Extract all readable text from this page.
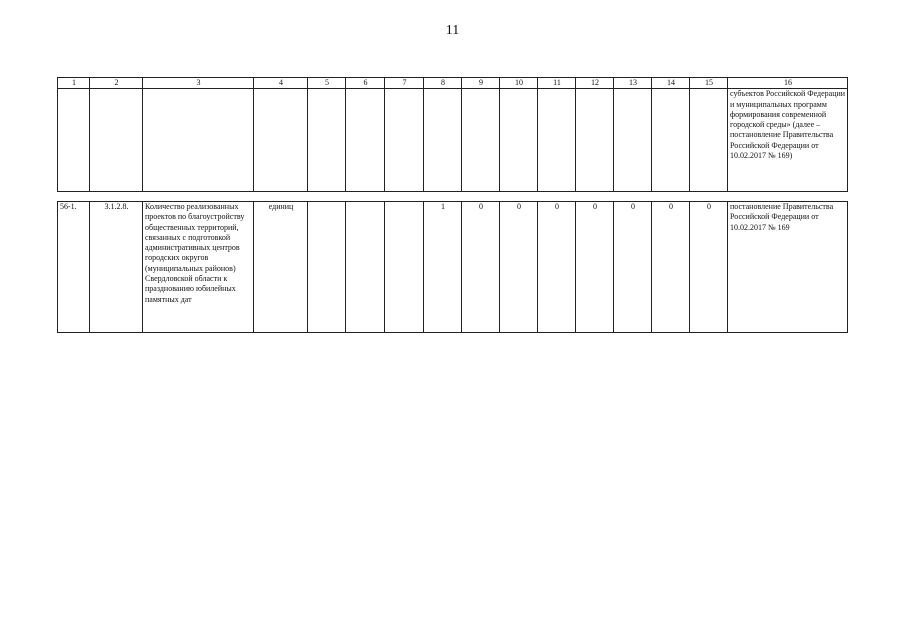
11
1	2	3	4	5	6	7	8	9	10	11	12	13	14	15	16
															субъектов Российской Федерации и муниципальных программ формирования современной городской среды» (далее – постановление Правительства Российской Федерации от 10.02.2017 № 169)
56-1.	3.1.2.8.	Количество реализованных проектов по благоустройству общественных территорий, связанных с подготовкой административных центров городских округов (муниципальных районов) Свердловской области к празднованию юбилейных памятных дат	единиц				1	0	0	0	0	0	0	0	постановление Правительства Российской Федерации от 10.02.2017 № 169
